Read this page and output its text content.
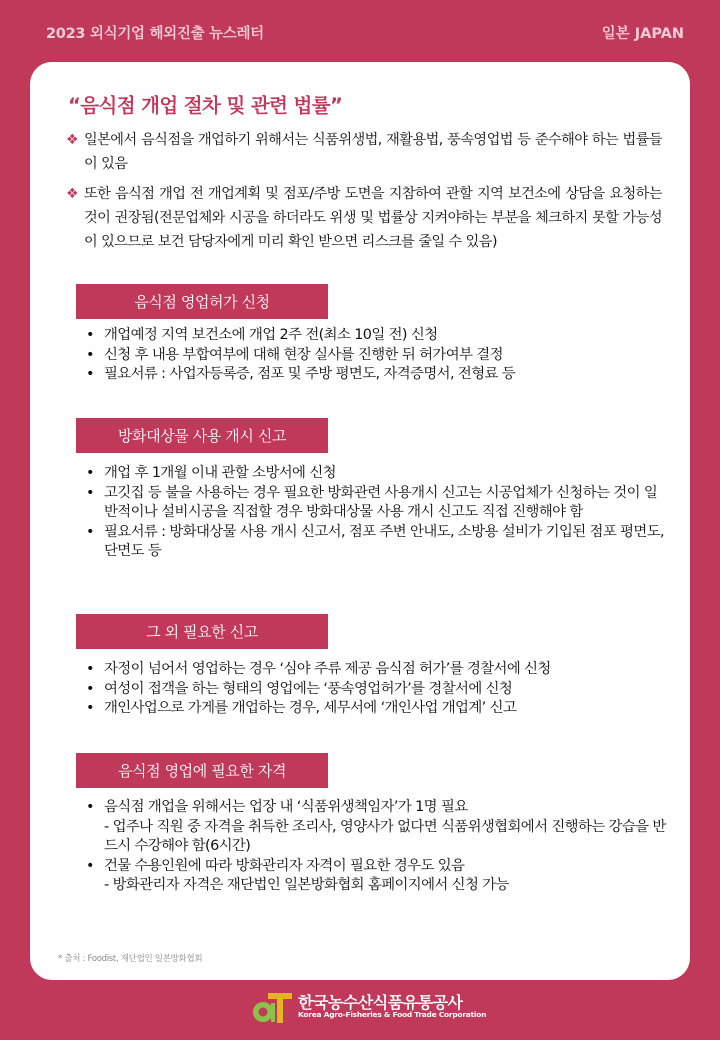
2023 외식기업 해외진출 뉴스레터	일본 JAPAN
“음식점 개업 절차 및 관련 법률”
❖ 일본에서 음식점을 개업하기 위해서는 식품위생법, 재활용법, 풍속영업법 등 준수해야 하는 법률들이 있음
❖ 또한 음식점 개업 전 개업계획 및 점포/주방 도면을 지참하여 관할 지역 보건소에 상담을 요청하는 것이 권장됨(전문업체와 시공을 하더라도 위생 및 법률상 지켜야하는 부분을 체크하지 못할 가능성이 있으므로 보건 담당자에게 미리 확인 받으면 리스크를 줄일 수 있음)
음식점 영업허가 신청
• 개업예정 지역 보건소에 개업 2주 전(최소 10일 전) 신청
• 신청 후 내용 부합여부에 대해 현장 실사를 진행한 뒤 허가여부 결정
• 필요서류 : 사업자등록증, 점포 및 주방 평면도, 자격증명서, 전형료 등
방화대상물 사용 개시 신고
• 개업 후 1개월 이내 관할 소방서에 신청
• 고깃집 등 불을 사용하는 경우 필요한 방화관련 사용개시 신고는 시공업체가 신청하는 것이 일반적이나 설비시공을 직접할 경우 방화대상물 사용 개시 신고도 직접 진행해야 함
• 필요서류 : 방화대상물 사용 개시 신고서, 점포 주변 안내도, 소방용 설비가 기입된 점포 평면도, 단면도 등
그 외 필요한 신고
• 자정이 넘어서 영업하는 경우 ‘심야 주류 제공 음식점 허가’를 경찰서에 신청
• 여성이 접객을 하는 형태의 영업에는 ‘풍속영업허가’를 경찰서에 신청
• 개인사업으로 가게를 개업하는 경우, 세무서에 ‘개인사업 개업계’ 신고
음식점 영업에 필요한 자격
• 음식점 개업을 위해서는 업장 내 ‘식품위생책임자’가 1명 필요
- 업주나 직원 중 자격을 취득한 조리사, 영양사가 없다면 식품위생협회에서 진행하는 강습을 반드시 수강해야 함(6시간)
• 건물 수용인원에 따라 방화관리자 자격이 필요한 경우도 있음
- 방화관리자 자격은 재단법인 일본방화협회 홈페이지에서 신청 가능
* 출처 : Foodist, 재단법인 일본방화협회
한국농수산식품유통공사
Korea Agro-Fisheries & Food Trade Corporation
